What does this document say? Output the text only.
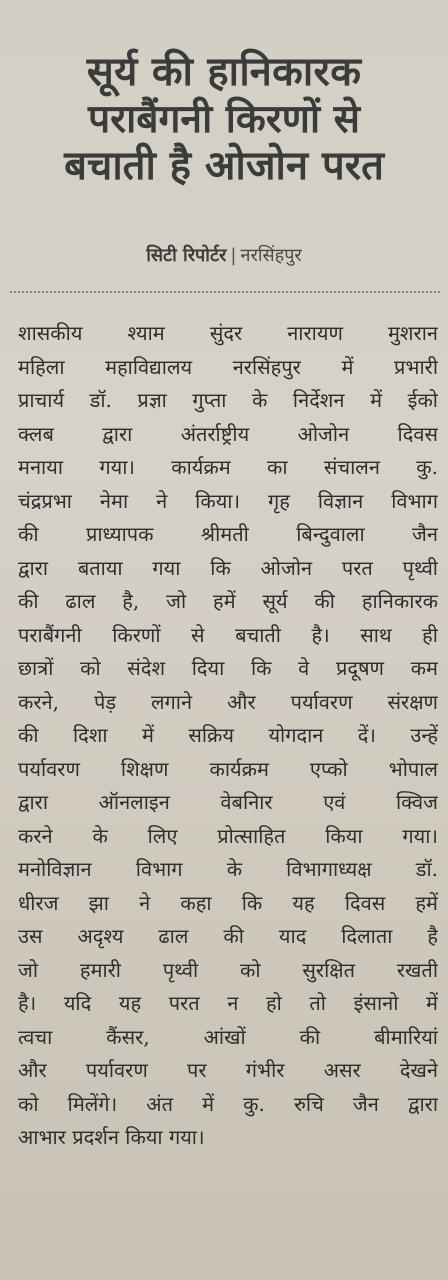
सूर्य की हानिकारक
पराबैंगनी किरणों से
बचाती है ओजोन परत
सिटी रिपोर्टर | नरसिंहपुर
शासकीय श्याम सुंदर नारायण मुशरान
महिला महाविद्यालय नरसिंहपुर में प्रभारी
प्राचार्य डॉ. प्रज्ञा गुप्ता के निर्देशन में ईको
क्लब द्वारा अंतर्राष्ट्रीय ओजोन दिवस
मनाया गया। कार्यक्रम का संचालन कु.
चंद्रप्रभा नेमा ने किया। गृह विज्ञान विभाग
की प्राध्यापक श्रीमती बिन्दुवाला जैन
द्वारा बताया गया कि ओजोन परत पृथ्वी
की ढाल है, जो हमें सूर्य की हानिकारक
पराबैंगनी किरणों से बचाती है। साथ ही
छात्रों को संदेश दिया कि वे प्रदूषण कम
करने, पेड़ लगाने और पर्यावरण संरक्षण
की दिशा में सक्रिय योगदान दें। उन्हें
पर्यावरण शिक्षण कार्यक्रम एप्को भोपाल
द्वारा ऑनलाइन वेबनिार एवं क्विज
करने के लिए प्रोत्साहित किया गया।
मनोविज्ञान विभाग के विभागाध्यक्ष डॉ.
धीरज झा ने कहा कि यह दिवस हमें
उस अदृश्य ढाल की याद दिलाता है
जो हमारी पृथ्वी को सुरक्षित रखती
है। यदि यह परत न हो तो इंसानो में
त्वचा कैंसर, आंखों की बीमारियां
और पर्यावरण पर गंभीर असर देखने
को मिलेंगे। अंत में कु. रुचि जैन द्वारा
आभार प्रदर्शन किया गया।
